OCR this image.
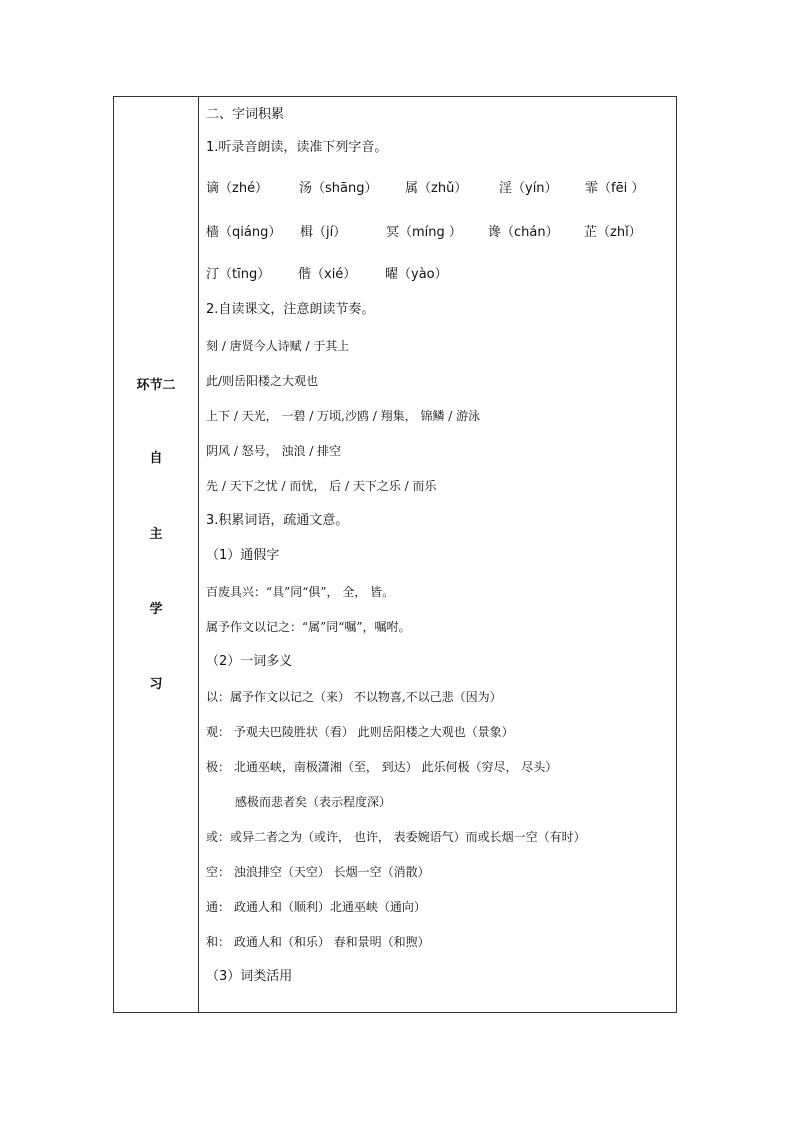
环节二
自
主
学
习
二、字词积累
1.听录音朗读，读准下列字音。
谪（zhé） 汤（shāng） 属（zhǔ） 淫（yín） 霏（fēi ）
樯（qiáng） 楫（jí）	冥（míng ） 谗（chán） 芷（zhǐ）
汀（tīng） 偕（xié） 曜（yào）
2.自读课文，注意朗读节奏。
刻 / 唐贤今人诗赋 / 于其上
此/则岳阳楼之大观也
上下 / 天光， 一碧 / 万顷,沙鸥 / 翔集， 锦鳞 / 游泳
阴风 / 怒号， 浊浪 / 排空
先 / 天下之忧 / 而忧， 后 / 天下之乐 / 而乐
3.积累词语，疏通文意。
（1）通假字
百废具兴：“具”同“俱”， 全， 皆。
属予作文以记之：“属”同“嘱”，嘱咐。
（2）一词多义
以：属予作文以记之（来） 不以物喜,不以己悲（因为）
观： 予观夫巴陵胜状（看） 此则岳阳楼之大观也（景象）
极： 北通巫峡，南极潇湘（至， 到达） 此乐何极（穷尽， 尽头）
感极而悲者矣（表示程度深）
或：或异二者之为（或许， 也许， 表委婉语气）而或长烟一空（有时）
空： 浊浪排空（天空） 长烟一空（消散）
通： 政通人和（顺利）北通巫峡（通向）
和： 政通人和（和乐） 春和景明（和煦）
（3）词类活用
